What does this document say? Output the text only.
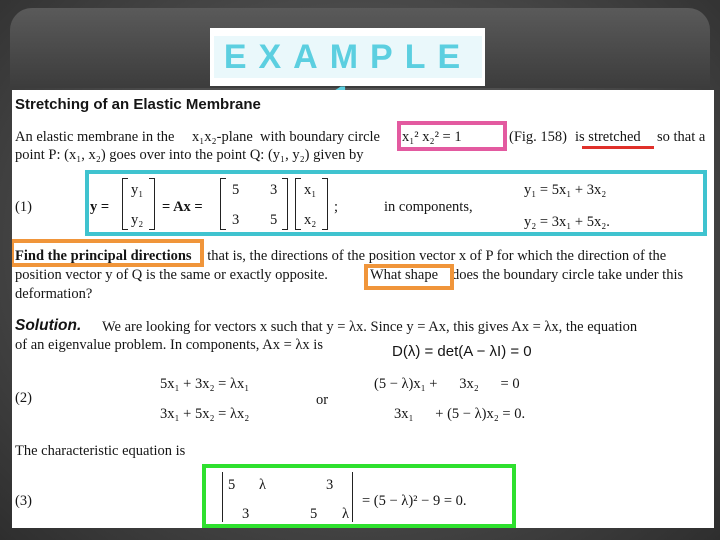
EXAMPLE
Stretching of an Elastic Membrane
An elastic membrane in the x₁x₂-plane with boundary circle x₁² x₂² = 1	(Fig. 158) is stretched so that a
point P: (x₁, x₂) goes over into the point Q: (y₁, y₂) given by
(1)	y =
y₁
y₂
= Ax =
5 3
3 5
x₁
x₂
;	in components,
y₁ = 5x₁ + 3x₂
y₂ = 3x₁ + 5x₂.
Find the principal directions , that is, the directions of the position vector x of P for which the direction of the
position vector y of Q is the same or exactly opposite.	What shape does the boundary circle take under this
deformation?
Solution. We are looking for vectors x such that y = λx. Since y = Ax, this gives Ax = λx, the equation
of an eigenvalue problem. In components, Ax = λx is	D(λ) = det(A − λI) = 0
(2)
5x₁ + 3x₂ = λx₁
3x₁ + 5x₂ = λx₂
or
(5 − λ)x₁ +      3x₂      = 0
3x₁      + (5 − λ)x₂ = 0.
The characteristic equation is
(3)
5 λ	3
3	5 λ
= (5 − λ)² − 9 = 0.
